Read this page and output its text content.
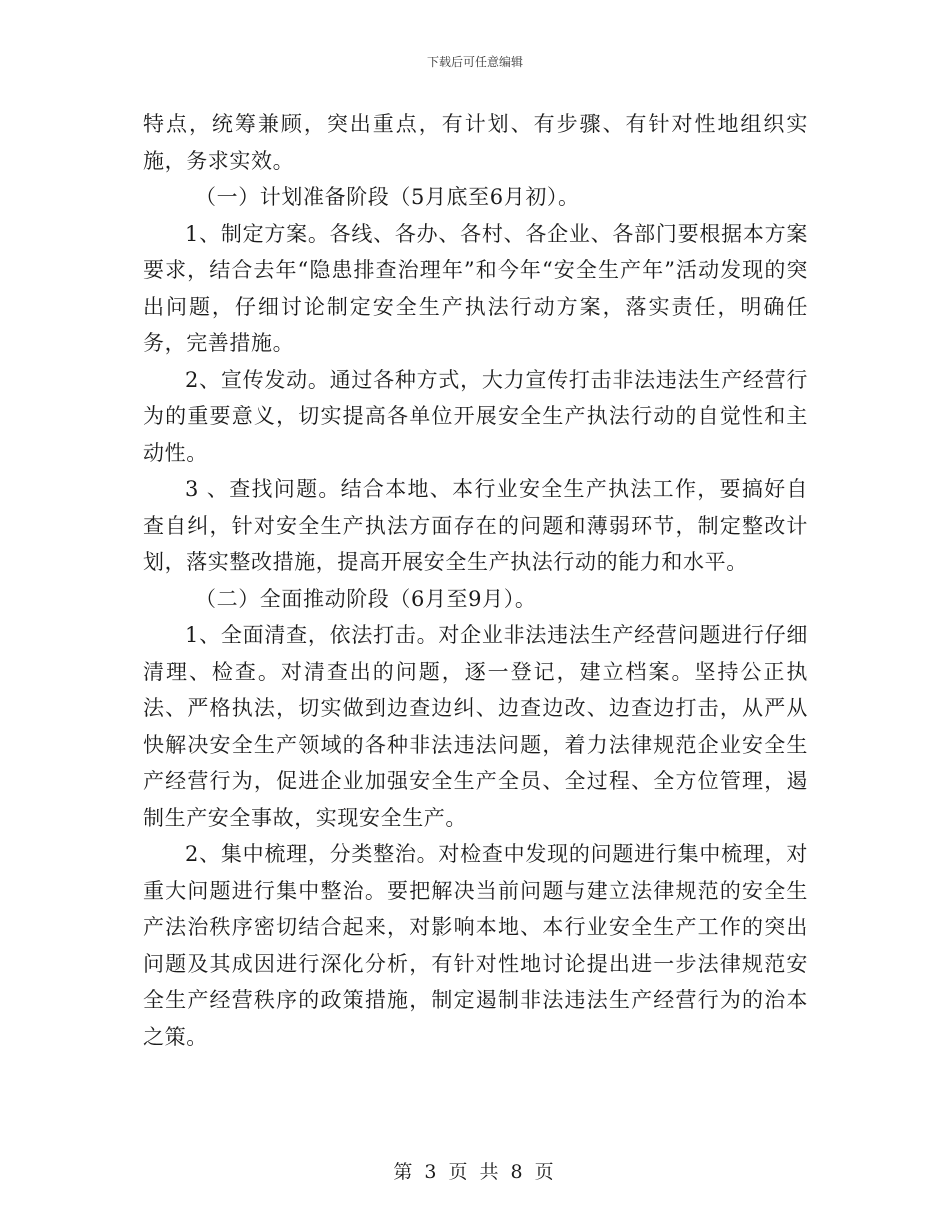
下载后可任意编辑

特点，统筹兼顾，突出重点，有计划、有步骤、有针对性地组织实施，务求实效。

（一）计划准备阶段（5月底至6月初）。

1、制定方案。各线、各办、各村、各企业、各部门要根据本方案要求，结合去年“隐患排查治理年”和今年“安全生产年”活动发现的突出问题，仔细讨论制定安全生产执法行动方案，落实责任，明确任务，完善措施。

2、宣传发动。通过各种方式，大力宣传打击非法违法生产经营行为的重要意义，切实提高各单位开展安全生产执法行动的自觉性和主动性。

3 、查找问题。结合本地、本行业安全生产执法工作，要搞好自查自纠，针对安全生产执法方面存在的问题和薄弱环节，制定整改计划，落实整改措施，提高开展安全生产执法行动的能力和水平。

（二）全面推动阶段（6月至9月）。

1、全面清查，依法打击。对企业非法违法生产经营问题进行仔细清理、检查。对清查出的问题，逐一登记，建立档案。坚持公正执法、严格执法，切实做到边查边纠、边查边改、边查边打击，从严从快解决安全生产领域的各种非法违法问题，着力法律规范企业安全生产经营行为，促进企业加强安全生产全员、全过程、全方位管理，遏制生产安全事故，实现安全生产。

2、集中梳理，分类整治。对检查中发现的问题进行集中梳理，对重大问题进行集中整治。要把解决当前问题与建立法律规范的安全生产法治秩序密切结合起来，对影响本地、本行业安全生产工作的突出问题及其成因进行深化分析，有针对性地讨论提出进一步法律规范安全生产经营秩序的政策措施，制定遏制非法违法生产经营行为的治本之策。

第 3 页 共 8 页
